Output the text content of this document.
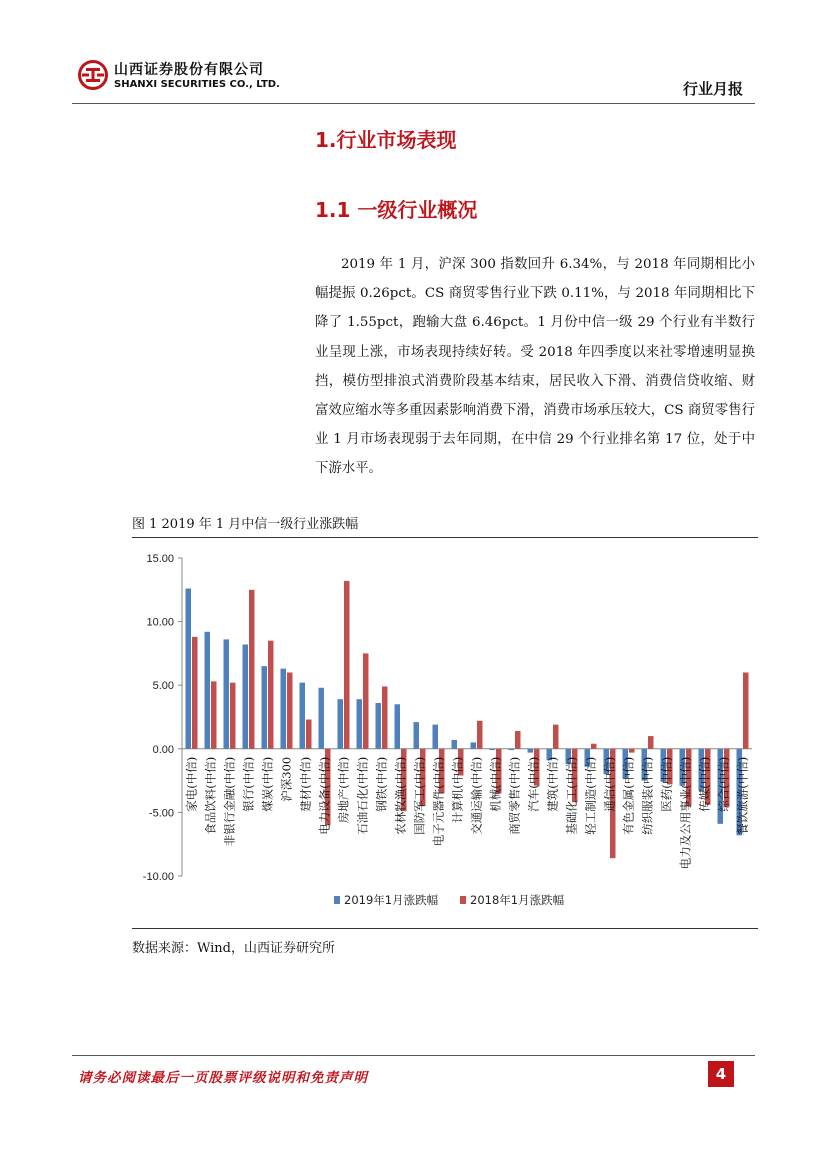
山西证券股份有限公司
SHANXI SECURITIES CO., LTD.	行业月报
1.行业市场表现
1.1 一级行业概况

2019 年 1 月，沪深 300 指数回升 6.34%，与 2018 年同期相比小幅提振 0.26pct。CS 商贸零售行业下跌 0.11%，与 2018 年同期相比下降了 1.55pct，跑输大盘 6.46pct。1 月份中信一级 29 个行业有半数行业呈现上涨，市场表现持续好转。受 2018 年四季度以来社零增速明显换挡，模仿型排浪式消费阶段基本结束，居民收入下滑、消费信贷收缩、财富效应缩水等多重因素影响消费下滑，消费市场承压较大，CS 商贸零售行业 1 月市场表现弱于去年同期，在中信 29 个行业排名第 17 位，处于中下游水平。

图 1 2019 年 1 月中信一级行业涨跌幅
15.00
10.00
5.00
0.00
-5.00
-10.00
家电(中信) 食品饮料(中信) 非银行金融(中信) 银行(中信) 煤炭(中信) 沪深300 建材(中信) 电力设备(中信) 房地产(中信) 石油石化(中信) 钢铁(中信) 农林牧渔(中信) 国防军工(中信) 电子元器件(中信) 计算机(中信) 交通运输(中信) 机械(中信) 商贸零售(中信) 汽车(中信) 建筑(中信) 基础化工(中信) 轻工制造(中信) 通信(中信) 有色金属(中信) 纺织服装(中信) 医药(中信) 电力及公用事业(中信) 传媒(中信) 综合(中信) 餐饮旅游(中信)
2019年1月涨跌幅	2018年1月涨跌幅
数据来源：Wind，山西证券研究所
请务必阅读最后一页股票评级说明和免责声明	4
